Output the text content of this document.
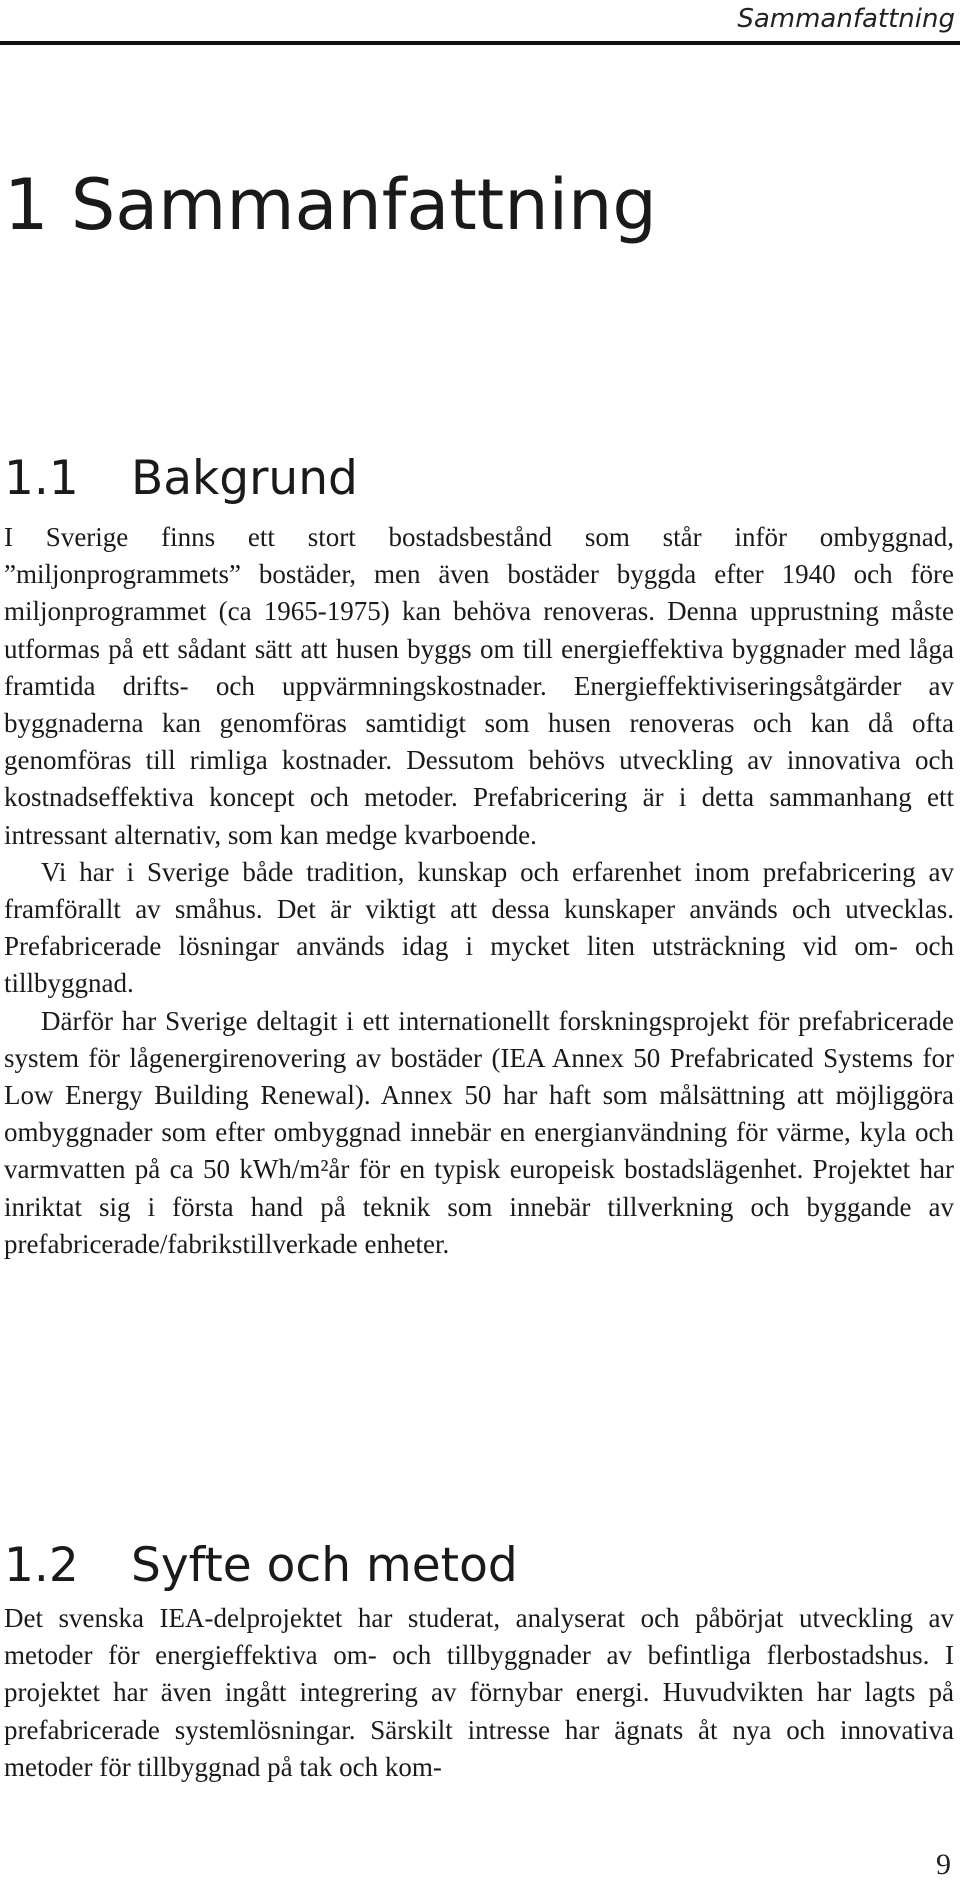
Sammanfattning
1 Sammanfattning
1.1 Bakgrund

I Sverige finns ett stort bostadsbestånd som står inför ombyggnad, ”miljonprogrammets” bostäder, men även bostäder byggda efter 1940 och före miljonprogrammet (ca 1965-1975) kan behöva renoveras. Denna upprustning måste utformas på ett sådant sätt att husen byggs om till energieffektiva byggnader med låga framtida drifts- och uppvärmningskostnader. Energieffektiviseringsåtgärder av byggnaderna kan genomföras samtidigt som husen renoveras och kan då ofta genomföras till rimliga kostnader. Dessutom behövs utveckling av innovativa och kostnadseffektiva koncept och metoder. Prefabricering är i detta sammanhang ett intressant alternativ, som kan medge kvarboende.

Vi har i Sverige både tradition, kunskap och erfarenhet inom prefabricering av framförallt av småhus. Det är viktigt att dessa kunskaper används och utvecklas. Prefabricerade lösningar används idag i mycket liten utsträckning vid om- och tillbyggnad.

Därför har Sverige deltagit i ett internationellt forskningsprojekt för prefabricerade system för lågenergirenovering av bostäder (IEA Annex 50 Prefabricated Systems for Low Energy Building Renewal). Annex 50 har haft som målsättning att möjliggöra ombyggnader som efter ombyggnad innebär en energianvändning för värme, kyla och varmvatten på ca 50 kWh/m²år för en typisk europeisk bostadslägenhet. Projektet har inriktat sig i första hand på teknik som innebär tillverkning och byggande av prefabricerade/fabrikstillverkade enheter.

1.2 Syfte och metod

Det svenska IEA-delprojektet har studerat, analyserat och påbörjat utveckling av metoder för energieffektiva om- och tillbyggnader av befintliga flerbostadshus. I projektet har även ingått integrering av förnybar energi. Huvudvikten har lagts på prefabricerade systemlösningar. Särskilt intresse har ägnats åt nya och innovativa metoder för tillbyggnad på tak och kom-

9
